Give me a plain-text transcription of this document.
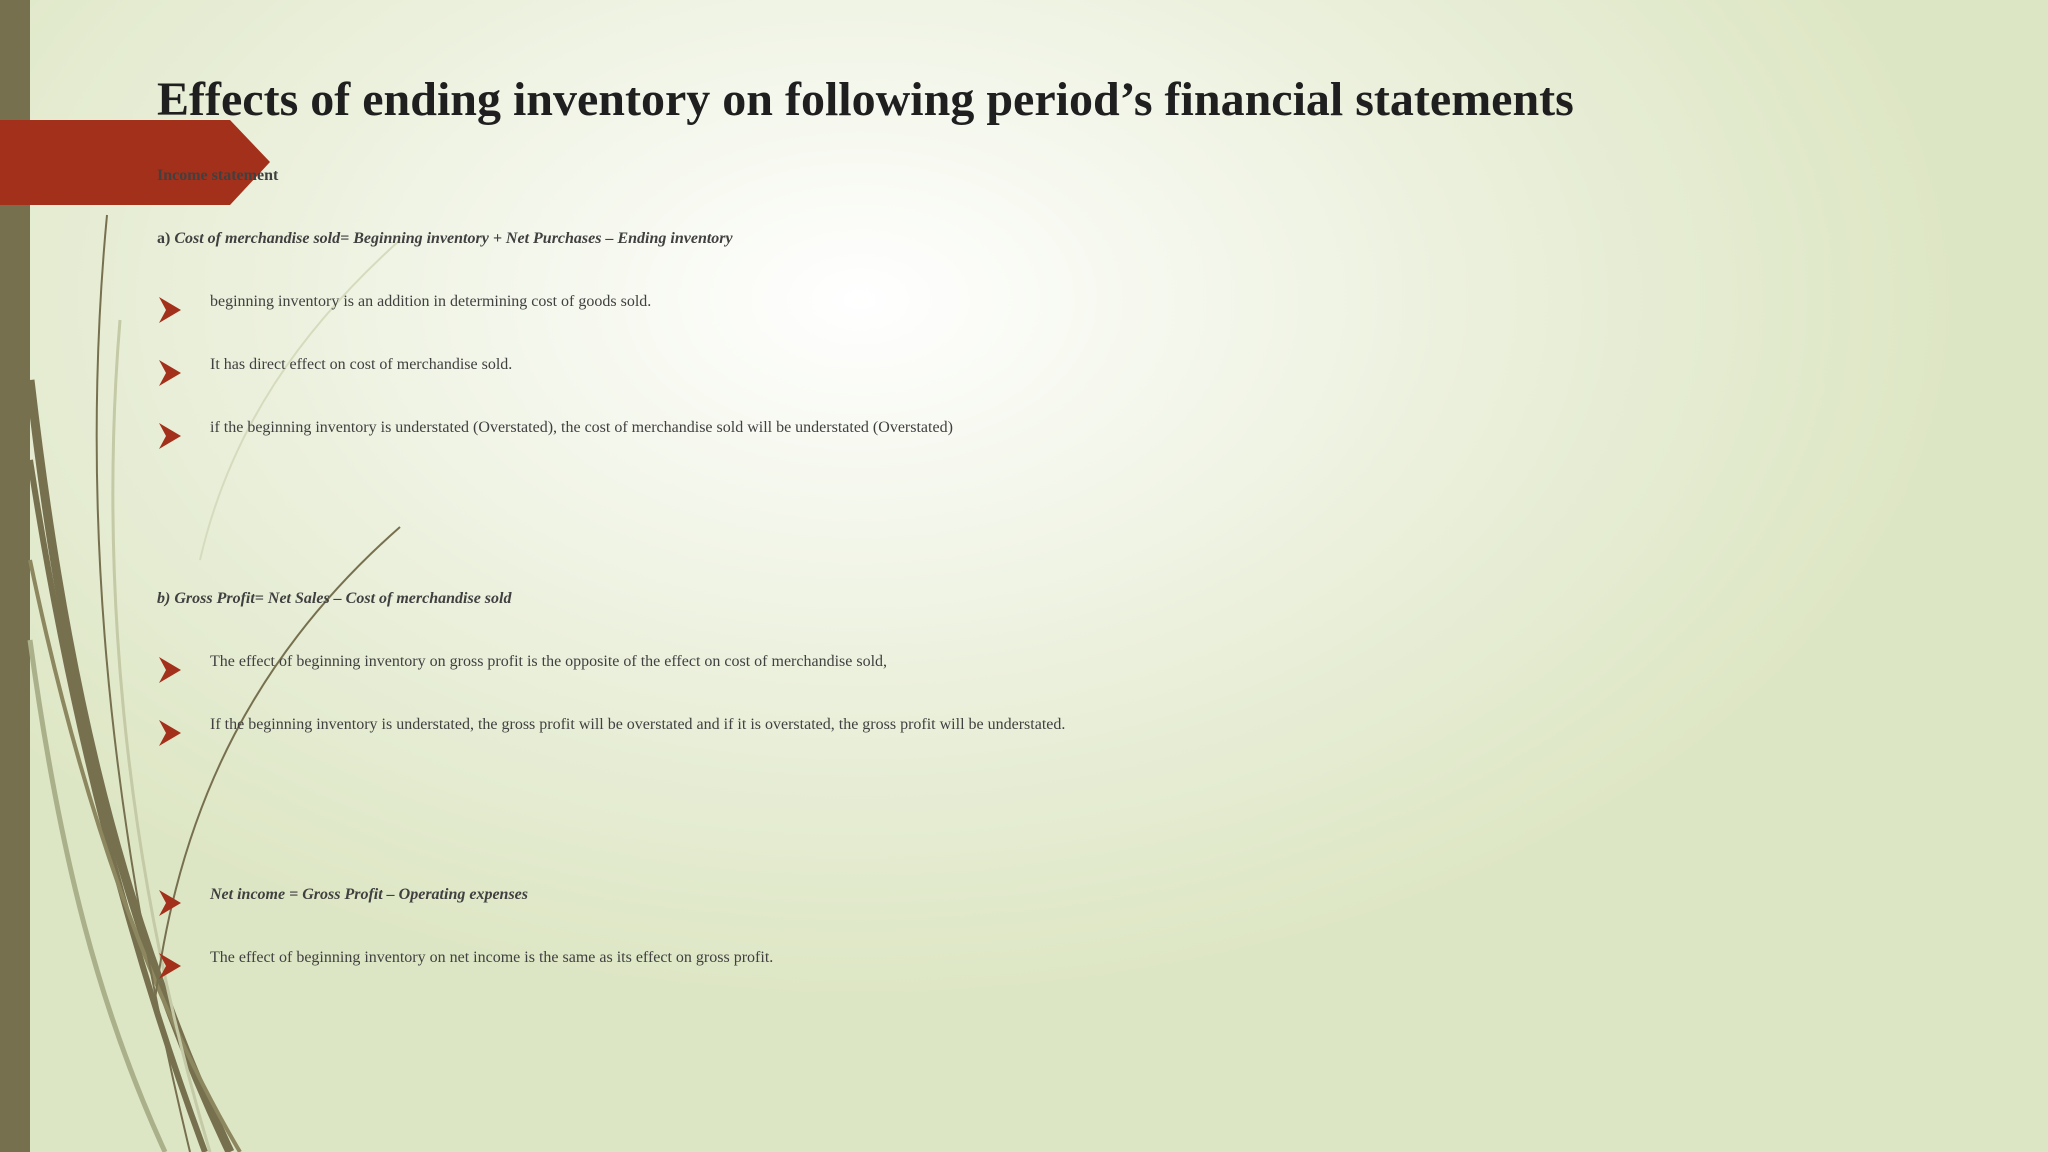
Effects of ending inventory on following period’s financial statements
Income statement
a) Cost of merchandise sold= Beginning inventory + Net Purchases – Ending inventory
beginning inventory is an addition in determining cost of goods sold.
It has direct effect on cost of merchandise sold.
if the beginning inventory is understated (Overstated), the cost of merchandise sold will be understated (Overstated)
b) Gross Profit= Net Sales – Cost of merchandise sold
The effect of beginning inventory on gross profit is the opposite of the effect on cost of merchandise sold,
If the beginning inventory is understated, the gross profit will be overstated and if it is overstated, the gross profit will be understated.
Net income = Gross Profit – Operating expenses
The effect of beginning inventory on net income is the same as its effect on gross profit.
